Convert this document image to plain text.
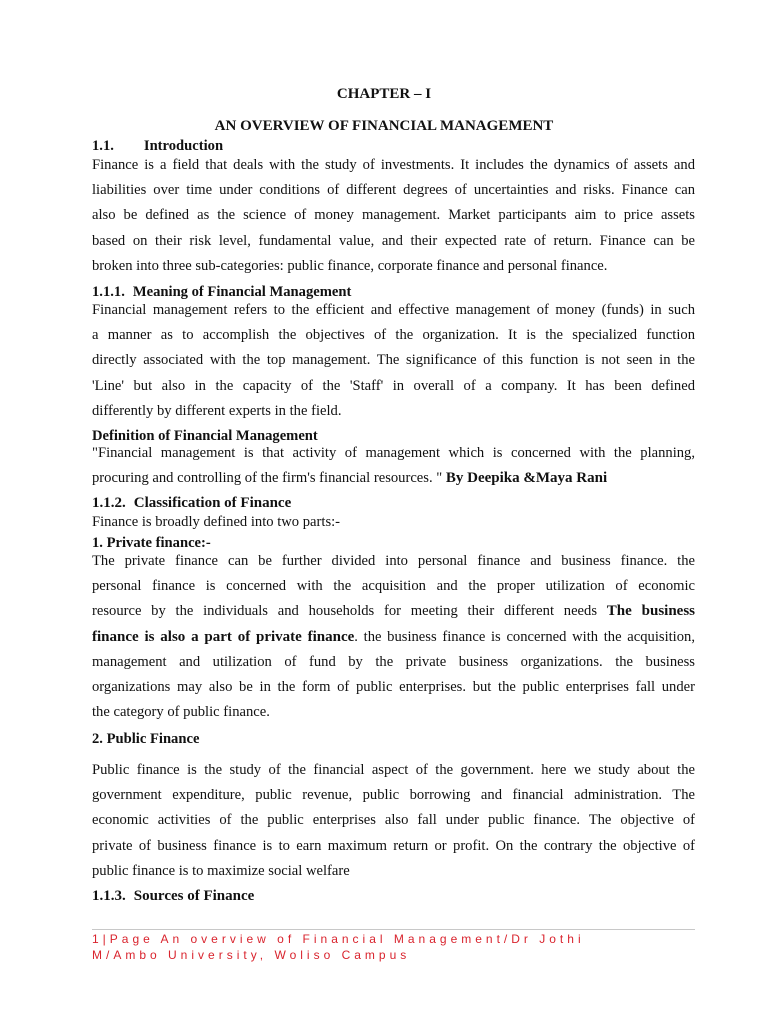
CHAPTER – I
AN OVERVIEW OF FINANCIAL MANAGEMENT
1.1. Introduction
Finance is a field that deals with the study of investments. It includes the dynamics of assets and
liabilities over time under conditions of different degrees of uncertainties and risks. Finance can
also be defined as the science of money management. Market participants aim to price assets
based on their risk level, fundamental value, and their expected rate of return. Finance can be
broken into three sub-categories: public finance, corporate finance and personal finance.
1.1.1. Meaning of Financial Management
Financial management refers to the efficient and effective management of money (funds) in such
a manner as to accomplish the objectives of the organization. It is the specialized function
directly associated with the top management. The significance of this function is not seen in the
'Line' but also in the capacity of the 'Staff' in overall of a company. It has been defined
differently by different experts in the field.
Definition of Financial Management
"Financial management is that activity of management which is concerned with the planning,
procuring and controlling of the firm's financial resources. " By Deepika &Maya Rani
1.1.2. Classification of Finance
Finance is broadly defined into two parts:-
1. Private finance:-
The private finance can be further divided into personal finance and business finance. the
personal finance is concerned with the acquisition and the proper utilization of economic
resource by the individuals and households for meeting their different needs The business
finance is also a part of private finance. the business finance is concerned with the acquisition,
management and utilization of fund by the private business organizations. the business
organizations may also be in the form of public enterprises. but the public enterprises fall under
the category of public finance.
2. Public Finance
Public finance is the study of the financial aspect of the government. here we study about the
government expenditure, public revenue, public borrowing and financial administration. The
economic activities of the public enterprises also fall under public finance. The objective of
private of business finance is to earn maximum return or profit. On the contrary the objective of
public finance is to maximize social welfare
1.1.3. Sources of Finance
1|Page An overview of Financial Management/Dr Jothi
M/Ambo University, Woliso Campus
